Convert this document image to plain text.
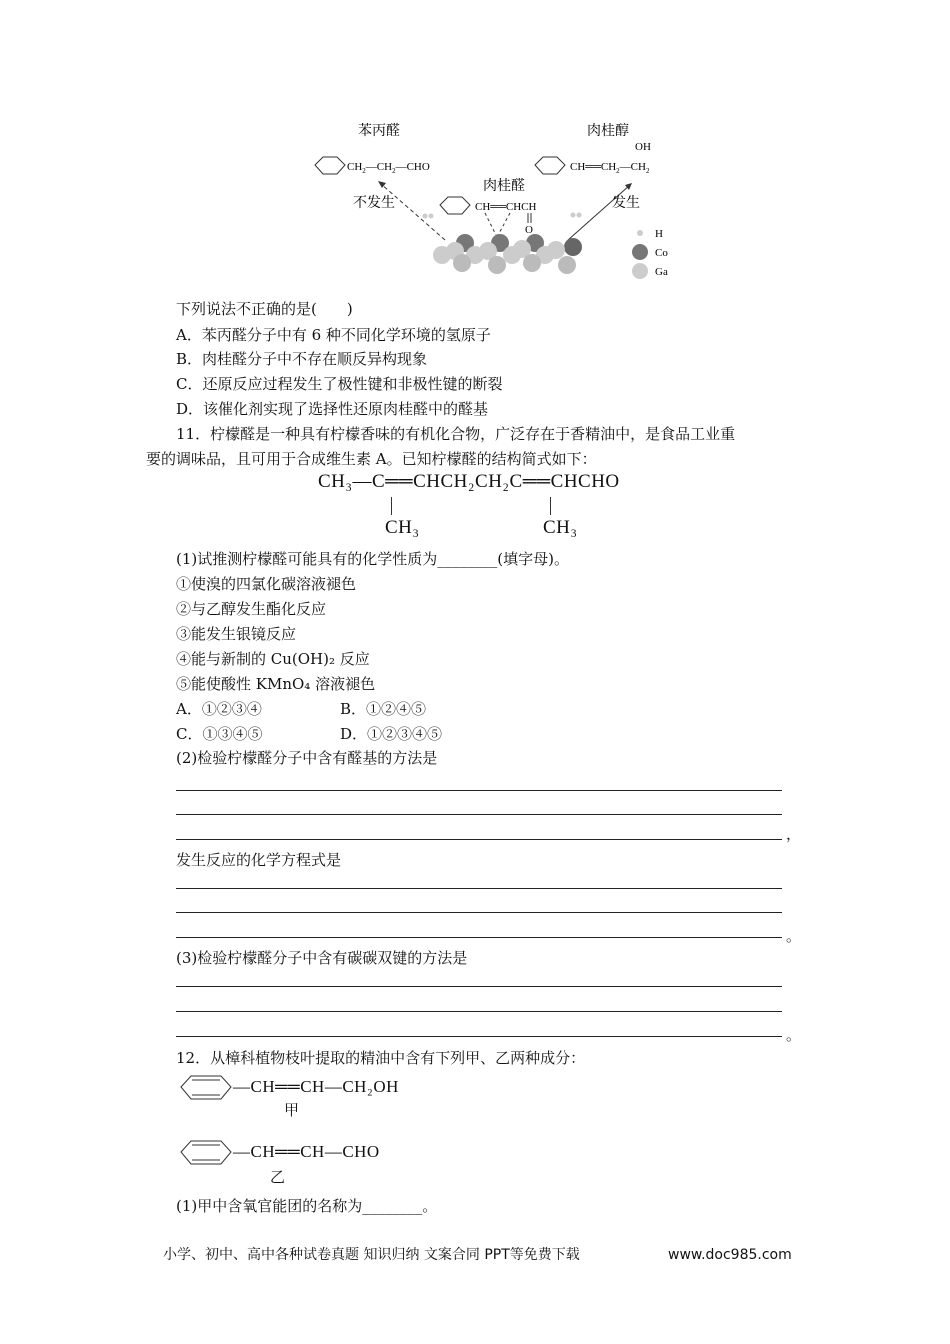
苯丙醛
$CH_2—CH_2—CHO$
不发生
肉桂醛
CH══CHCH
O
肉桂醇
OH
$CH══CH_2—CH_2$
发生
H
Co
Ga
下列说法不正确的是(　　)
A．苯丙醛分子中有 6 种不同化学环境的氢原子
B．肉桂醛分子中不存在顺反异构现象
C．还原反应过程发生了极性键和非极性键的断裂
D．该催化剂实现了选择性还原肉桂醛中的醛基
11．柠檬醛是一种具有柠檬香味的有机化合物，广泛存在于香精油中，是食品工业重
要的调味品，且可用于合成维生素 A。已知柠檬醛的结构简式如下：
CH₃—C══CHCH₂CH₂C══CHCHO
CH₃	CH₃
(1)试推测柠檬醛可能具有的化学性质为________(填字母)。
①使溴的四氯化碳溶液褪色
②与乙醇发生酯化反应
③能发生银镜反应
④能与新制的 Cu(OH)₂ 反应
⑤能使酸性 KMnO₄ 溶液褪色
A．①②③④	B．①②④⑤
C．①③④⑤	D．①②③④⑤
(2)检验柠檬醛分子中含有醛基的方法是
，
发生反应的化学方程式是
。
(3)检验柠檬醛分子中含有碳碳双键的方法是
。
12．从樟科植物枝叶提取的精油中含有下列甲、乙两种成分：
—CH══CH—CH₂OH
甲
—CH══CH—CHO
乙
(1)甲中含氧官能团的名称为________。
小学、初中、高中各种试卷真题 知识归纳 文案合同 PPT等免费下载	www.doc985.com
